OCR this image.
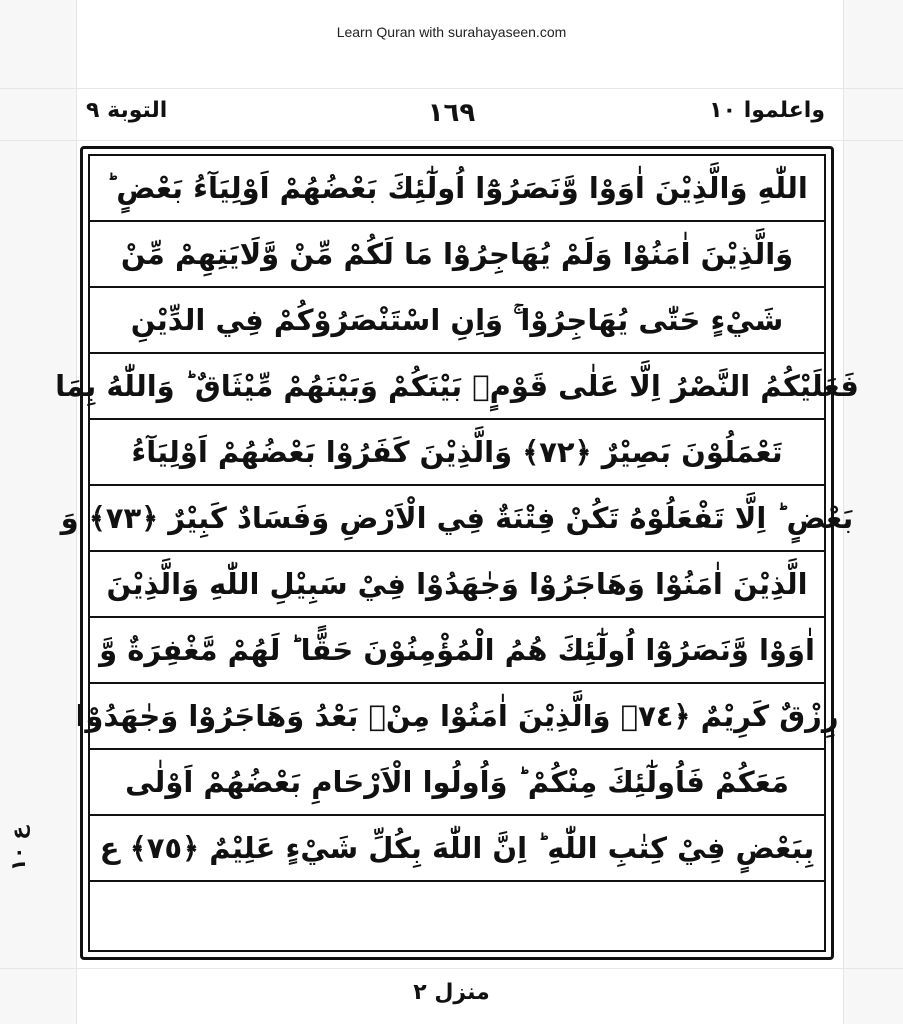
Learn Quran with surahayaseen.com
واعلموا ١٠
١٦٩
التوبة ٩
اللّٰهِ وَالَّذِيْنَ اٰوَوْا وَّنَصَرُوْٓا اُولٰٓئِكَ بَعْضُهُمْ اَوْلِيَآءُ بَعْضٍ ؕ
وَالَّذِيْنَ اٰمَنُوْا وَلَمْ يُهَاجِرُوْا مَا لَكُمْ مِّنْ وَّلَايَتِهِمْ مِّنْ
شَيْءٍ حَتّٰى يُهَاجِرُوْا ۚ وَاِنِ اسْتَنْصَرُوْكُمْ فِي الدِّيْنِ
فَعَلَيْكُمُ النَّصْرُ اِلَّا عَلٰى قَوْمٍۢ بَيْنَكُمْ وَبَيْنَهُمْ مِّيْثَاقٌ ؕ وَاللّٰهُ بِمَا
تَعْمَلُوْنَ بَصِيْرٌ ﴿٧٢﴾ وَالَّذِيْنَ كَفَرُوْا بَعْضُهُمْ اَوْلِيَآءُ
بَعْضٍ ؕ اِلَّا تَفْعَلُوْهُ تَكُنْ فِتْنَةٌ فِي الْاَرْضِ وَفَسَادٌ كَبِيْرٌ ﴿٧٣﴾ وَ
الَّذِيْنَ اٰمَنُوْا وَهَاجَرُوْا وَجٰهَدُوْا فِيْ سَبِيْلِ اللّٰهِ وَالَّذِيْنَ
اٰوَوْا وَّنَصَرُوْٓا اُولٰٓئِكَ هُمُ الْمُؤْمِنُوْنَ حَقًّا ؕ لَهُمْ مَّغْفِرَةٌ وَّ
رِزْقٌ كَرِيْمٌ ﴿٧٤﴾ وَالَّذِيْنَ اٰمَنُوْا مِنْۢ بَعْدُ وَهَاجَرُوْا وَجٰهَدُوْا
مَعَكُمْ فَاُولٰٓئِكَ مِنْكُمْ ؕ وَاُولُوا الْاَرْحَامِ بَعْضُهُمْ اَوْلٰى
بِبَعْضٍ فِيْ كِتٰبِ اللّٰهِ ؕ اِنَّ اللّٰهَ بِكُلِّ شَيْءٍ عَلِيْمٌ ﴿٧٥﴾ ع
ع ١٠
منزل ٢
